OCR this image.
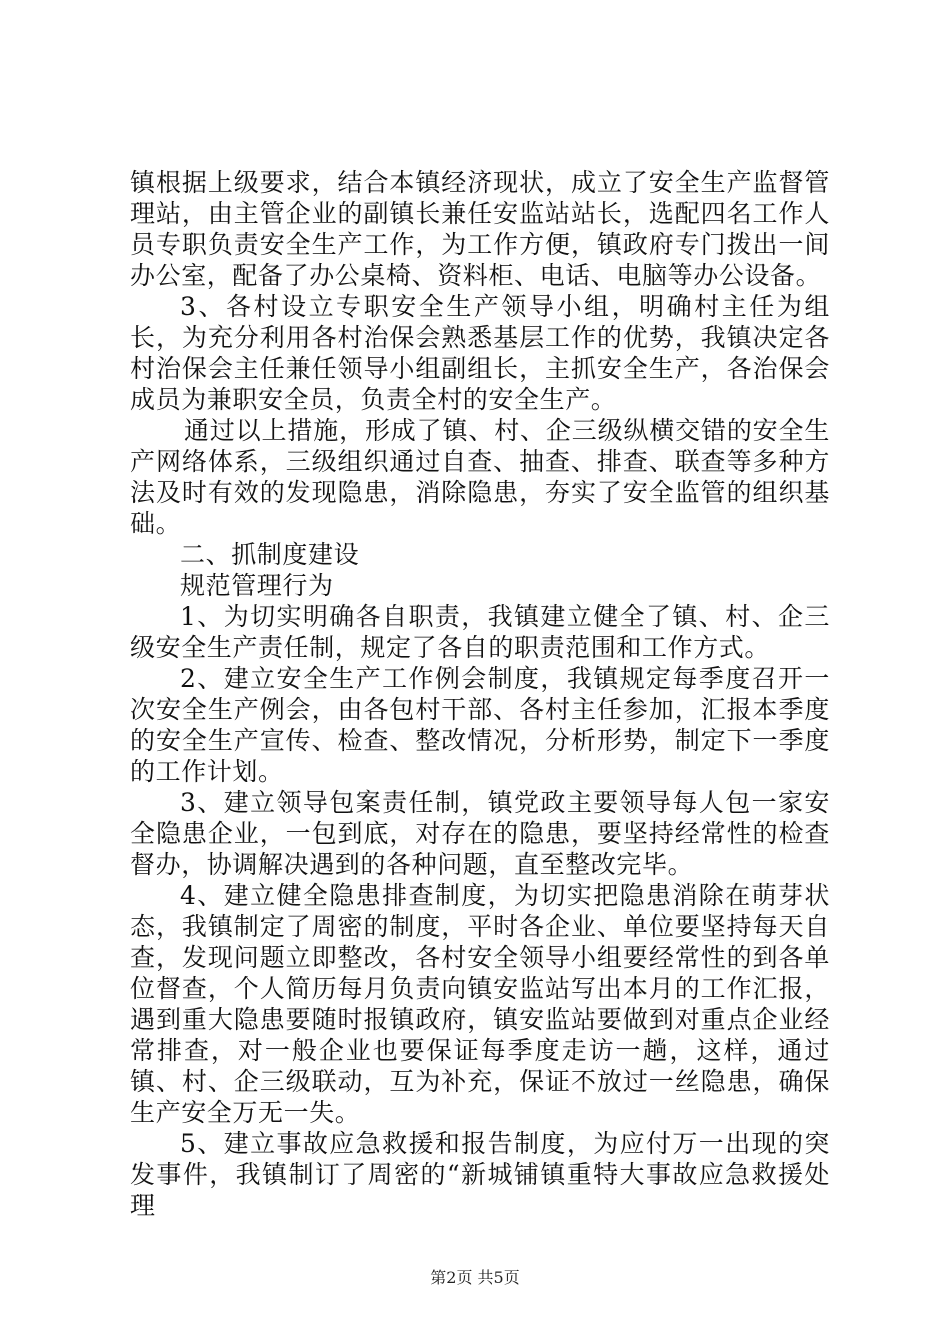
镇根据上级要求，结合本镇经济现状，成立了安全生产监督管理站，由主管企业的副镇长兼任安监站站长，选配四名工作人员专职负责安全生产工作，为工作方便，镇政府专门拨出一间办公室，配备了办公桌椅、资料柜、电话、电脑等办公设备。

3、各村设立专职安全生产领导小组，明确村主任为组长，为充分利用各村治保会熟悉基层工作的优势，我镇决定各村治保会主任兼任领导小组副组长，主抓安全生产，各治保会成员为兼职安全员，负责全村的安全生产。

通过以上措施，形成了镇、村、企三级纵横交错的安全生产网络体系，三级组织通过自查、抽查、排查、联查等多种方法及时有效的发现隐患，消除隐患，夯实了安全监管的组织基础。

二、抓制度建设

规范管理行为

1、为切实明确各自职责，我镇建立健全了镇、村、企三级安全生产责任制，规定了各自的职责范围和工作方式。

2、建立安全生产工作例会制度，我镇规定每季度召开一次安全生产例会，由各包村干部、各村主任参加，汇报本季度的安全生产宣传、检查、整改情况，分析形势，制定下一季度的工作计划。

3、建立领导包案责任制，镇党政主要领导每人包一家安全隐患企业，一包到底，对存在的隐患，要坚持经常性的检查督办，协调解决遇到的各种问题，直至整改完毕。

4、建立健全隐患排查制度，为切实把隐患消除在萌芽状态，我镇制定了周密的制度，平时各企业、单位要坚持每天自查，发现问题立即整改，各村安全领导小组要经常性的到各单位督查，个人简历每月负责向镇安监站写出本月的工作汇报，遇到重大隐患要随时报镇政府，镇安监站要做到对重点企业经常排查，对一般企业也要保证每季度走访一趟，这样，通过镇、村、企三级联动，互为补充，保证不放过一丝隐患，确保生产安全万无一失。

5、建立事故应急救援和报告制度，为应付万一出现的突发事件，我镇制订了周密的“新城铺镇重特大事故应急救援处理

第2页 共5页
